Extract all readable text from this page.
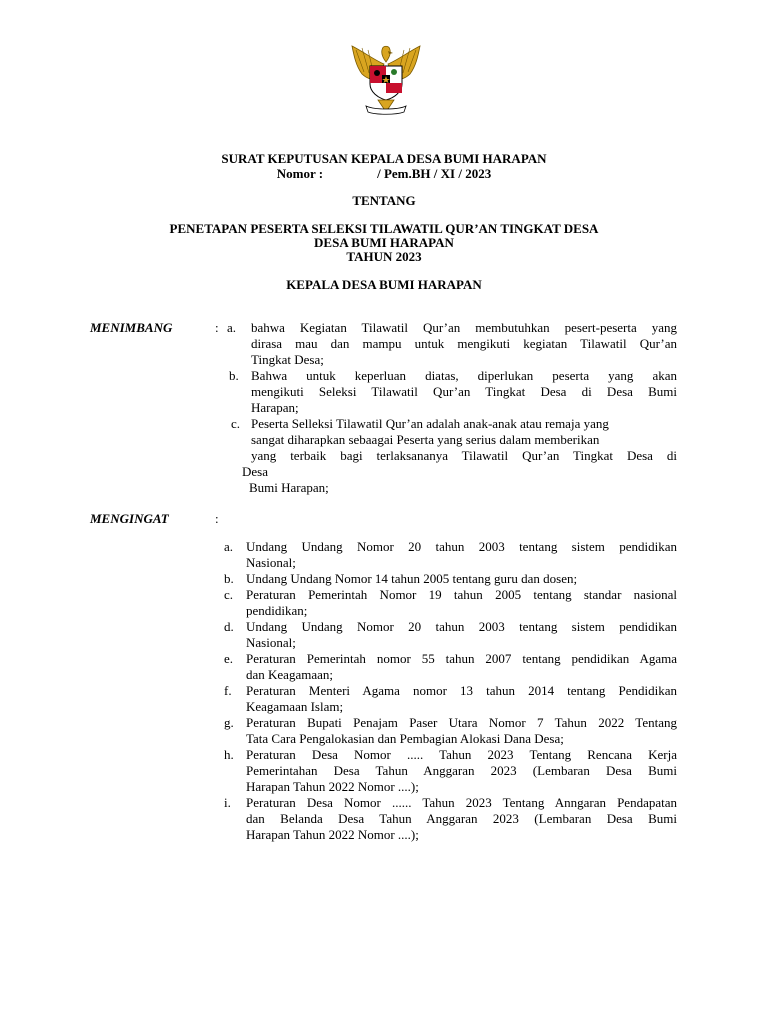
SURAT KEPUTUSAN KEPALA DESA BUMI HARAPAN
Nomor :	/ Pem.BH / XI / 2023
TENTANG
PENETAPAN PESERTA SELEKSI TILAWATIL QUR’AN TINGKAT DESA
DESA BUMI HARAPAN
TAHUN 2023
KEPALA DESA BUMI HARAPAN
MENIMBANG	: a. bahwa Kegiatan Tilawatil Qur’an membutuhkan pesert-peserta yang
dirasa mau dan mampu untuk mengikuti kegiatan Tilawatil Qur’an
Tingkat Desa;
b. Bahwa untuk keperluan diatas, diperlukan peserta yang akan
mengikuti Seleksi Tilawatil Qur’an Tingkat Desa di Desa Bumi
Harapan;
c. Peserta Selleksi Tilawatil Qur’an adalah anak-anak atau remaja yang
sangat diharapkan sebaagai Peserta yang serius dalam memberikan
yang terbaik bagi terlaksananya Tilawatil Qur’an Tingkat Desa di
Desa
Bumi Harapan;
MENGINGAT	:
a. Undang Undang Nomor 20 tahun 2003 tentang sistem pendidikan

Nasional;

b. Undang Undang Nomor 14 tahun 2005 tentang guru dan dosen;

c. Peraturan Pemerintah Nomor 19 tahun 2005 tentang standar nasional

pendidikan;

d. Undang Undang Nomor 20 tahun 2003 tentang sistem pendidikan

Nasional;

e. Peraturan Pemerintah nomor 55 tahun 2007 tentang pendidikan Agama

dan Keagamaan;

f. Peraturan Menteri Agama nomor 13 tahun 2014 tentang Pendidikan

Keagamaan Islam;

g. Peraturan Bupati Penajam Paser Utara Nomor 7 Tahun 2022 Tentang

Tata Cara Pengalokasian dan Pembagian Alokasi Dana Desa;

h. Peraturan Desa Nomor ..... Tahun 2023 Tentang Rencana Kerja

Pemerintahan Desa Tahun Anggaran 2023 (Lembaran Desa Bumi

Harapan Tahun 2022 Nomor ....);

i. Peraturan Desa Nomor ...... Tahun 2023 Tentang Anngaran Pendapatan

dan Belanda Desa Tahun Anggaran 2023 (Lembaran Desa Bumi

Harapan Tahun 2022 Nomor ....);
